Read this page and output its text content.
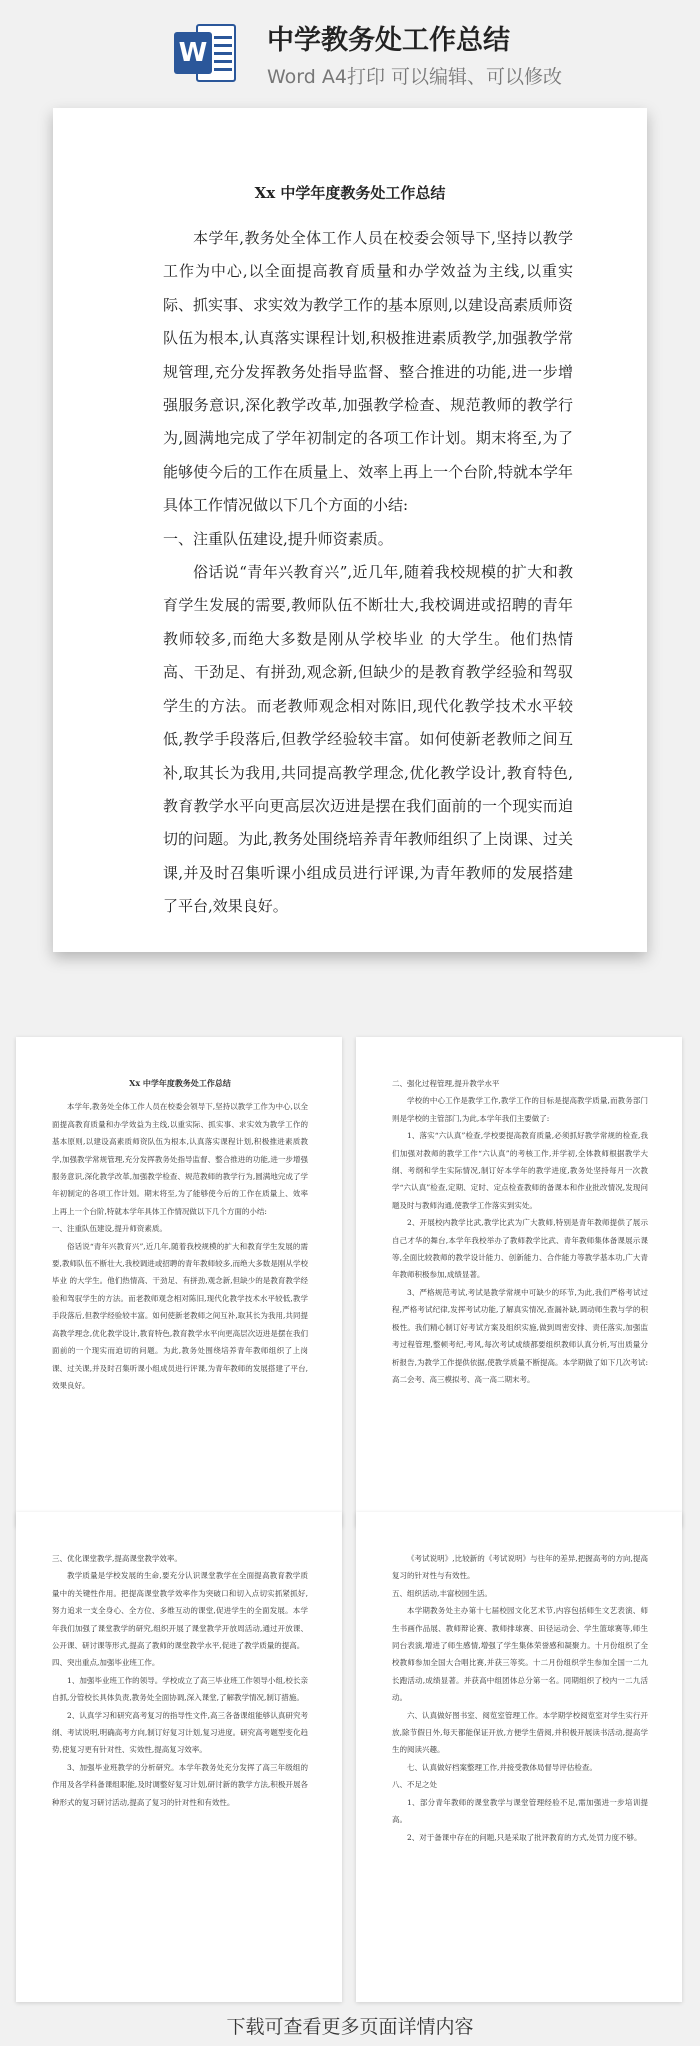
W 中学教务处工作总结
Word A4打印 可以编辑、可以修改
Xx 中学年度教务处工作总结

本学年,教务处全体工作人员在校委会领导下,坚持以教学工作为中心,以全面提高教育质量和办学效益为主线,以重实际、抓实事、求实效为教学工作的基本原则,以建设高素质师资队伍为根本,认真落实课程计划,积极推进素质教学,加强教学常规管理,充分发挥教务处指导监督、整合推进的功能,进一步增强服务意识,深化教学改革,加强教学检查、规范教师的教学行为,圆满地完成了学年初制定的各项工作计划。期末将至,为了能够使今后的工作在质量上、效率上再上一个台阶,特就本学年具体工作情况做以下几个方面的小结:

一、注重队伍建设,提升师资素质。

俗话说“青年兴教育兴”,近几年,随着我校规模的扩大和教育学生发展的需要,教师队伍不断壮大,我校调进或招聘的青年教师较多,而绝大多数是刚从学校毕业 的大学生。他们热情高、干劲足、有拼劲,观念新,但缺少的是教育教学经验和驾驭学生的方法。而老教师观念相对陈旧,现代化教学技术水平较低,教学手段落后,但教学经验较丰富。如何使新老教师之间互补,取其长为我用,共同提高教学理念,优化教学设计,教育特色,教育教学水平向更高层次迈进是摆在我们面前的一个现实而迫切的问题。为此,教务处围绕培养青年教师组织了上岗课、过关课,并及时召集听课小组成员进行评课,为青年教师的发展搭建了平台,效果良好。

Xx 中学年度教务处工作总结

本学年,教务处全体工作人员在校委会领导下,坚持以教学工作为中心,以全面提高教育质量和办学效益为主线,以重实际、抓实事、求实效为教学工作的基本原则,以建设高素质师资队伍为根本,认真落实课程计划,积极推进素质教学,加强教学常规管理,充分发挥教务处指导监督、整合推进的功能,进一步增强服务意识,深化教学改革,加强教学检查、规范教师的教学行为,圆满地完成了学年初制定的各项工作计划。期末将至,为了能够使今后的工作在质量上、效率上再上一个台阶,特就本学年具体工作情况做以下几个方面的小结:

一、注重队伍建设,提升师资素质。

俗话说“青年兴教育兴”,近几年,随着我校规模的扩大和教育学生发展的需要,教师队伍不断壮大,我校调进或招聘的青年教师较多,而绝大多数是刚从学校毕业 的大学生。他们热情高、干劲足、有拼劲,观念新,但缺少的是教育教学经验和驾驭学生的方法。而老教师观念相对陈旧,现代化教学技术水平较低,教学手段落后,但教学经验较丰富。如何使新老教师之间互补,取其长为我用,共同提高教学理念,优化教学设计,教育特色,教育教学水平向更高层次迈进是摆在我们面前的一个现实而迫切的问题。为此,教务处围绕培养青年教师组织了上岗课、过关课,并及时召集听课小组成员进行评课,为青年教师的发展搭建了平台,效果良好。

二、强化过程管理,提升教学水平

学校的中心工作是教学工作,教学工作的目标是提高教学质量,而教务部门则是学校的主管部门,为此,本学年我们主要做了:

1、落实“六认真”检查,学校要提高教育质量,必须抓好教学常规的检查,我们加强对教师的教学工作“六认真”的考核工作,并学初,全体教师根据教学大纲、考纲和学生实际情况,制订好本学年的教学进度,教务处坚持每月一次教学“六认真”检查,定期、定时、定点检查教师的备课本和作业批改情况,发现问题及时与教师沟通,使教学工作落实到实处。

2、开展校内教学比武,教学比武为广大教师,特别是青年教师提供了展示自己才华的舞台,本学年我校举办了教师教学比武、青年教师集体备课展示课等,全面比较教师的教学设计能力、创新能力、合作能力等教学基本功,广大青年教师积极参加,成绩显著。

3、严格规范考试,考试是教学常规中可缺少的环节,为此,我们严格考试过程,严格考试纪律,发挥考试功能,了解真实情况,查漏补缺,调动师生教与学的积极性。我们精心制订好考试方案及组织实施,做到周密安排、责任落实,加强监考过程管理,整顿考纪,考风,每次考试成绩都要组织教师认真分析,写出质量分析报告,为教学工作提供依据,使教学质量不断提高。本学期做了如下几次考试:高二会考、高三模拟考、高一高二期末考。

三、优化课堂教学,提高课堂教学效率。

教学质量是学校发展的生命,要充分认识课堂教学在全面提高教育教学质量中的关键性作用。把提高课堂教学效率作为突破口和切入点切实抓紧抓好,努力追求一支全身心、全方位、多维互动的课堂,促进学生的全面发展。本学年我们加强了课堂教学的研究,组织开展了课堂教学开放周活动,通过开放课、公开课、研讨课等形式,提高了教师的课堂教学水平,促进了教学质量的提高。

四、突出重点,加强毕业班工作。

1、加强毕业班工作的领导。学校成立了高三毕业班工作领导小组,校长亲自抓,分管校长具体负责,教务处全面协调,深入课堂,了解教学情况,制订措施。

2、认真学习和研究高考复习的指导性文件,高三各备课组能够认真研究考纲、考试说明,明确高考方向,制订好复习计划,复习进度。研究高考题型变化趋势,使复习更有针对性、实效性,提高复习效率。

3、加强毕业班教学的分析研究。本学年教务处充分发挥了高三年级组的作用及各学科备课组职能,及时调整好复习计划,研讨新的教学方法,积极开展各种形式的复习研讨活动,提高了复习的针对性和有效性。

《考试说明》,比较新的《考试说明》与往年的差异,把握高考的方向,提高复习的针对性与有效性。

五、组织活动,丰富校园生活。

本学期教务处主办第十七届校园文化艺术节,内容包括师生文艺表演、师生书画作品展、教师辩论赛、教师排球赛、田径运动会、学生篮球赛等,师生同台表演,增进了师生感情,增强了学生集体荣誉感和凝聚力。十月份组织了全校教师参加全国大合唱比赛,并获三等奖。十二月份组织学生参加全国一二九长跑活动,成绩显著。并获高中组团体总分第一名。同期组织了校内一二九活动。

六、认真做好图书室、阅览室管理工作。本学期学校阅览室对学生实行开放,除节假日外,每天都能保证开放,方便学生借阅,并积极开展读书活动,提高学生的阅读兴趣。

七、认真做好档案整理工作,并接受教体局督导评估检查。

八、不足之处

1、部分青年教师的课堂教学与课堂管理经验不足,需加强进一步培训提高。

2、对于备课中存在的问题,只是采取了批评教育的方式,处罚力度不够。

下载可查看更多页面详情内容
